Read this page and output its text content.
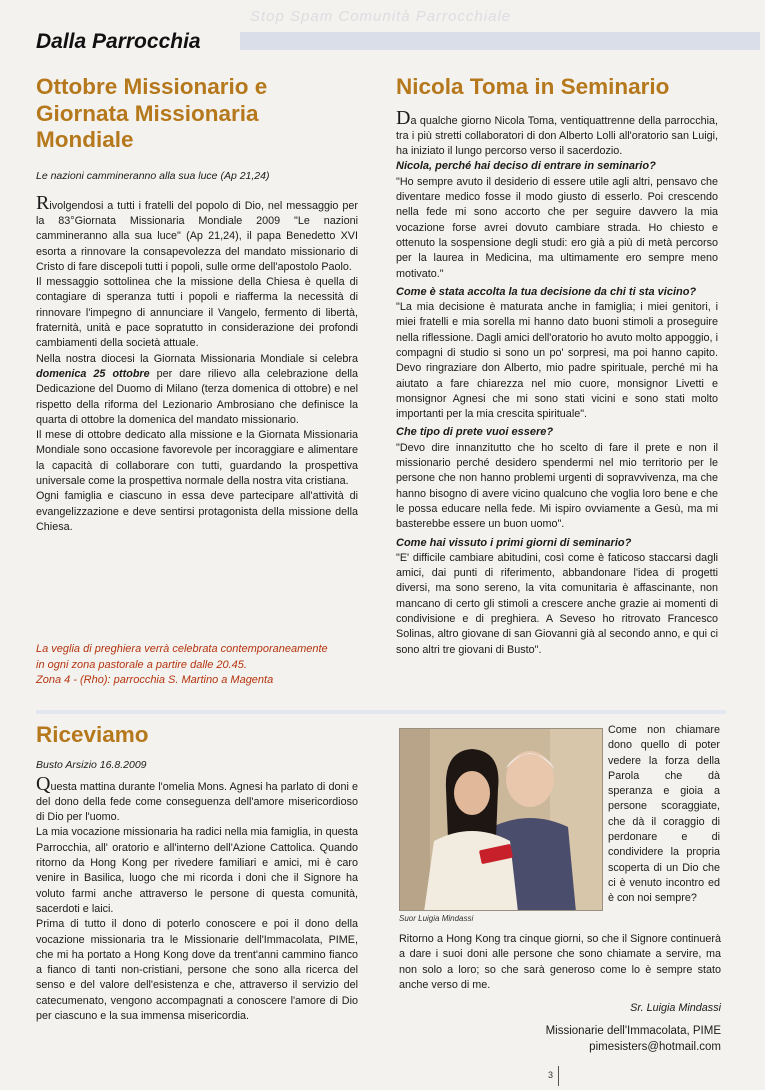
Stop Spam Comunità Parrocchiale
Dalla Parrocchia
Ottobre Missionario e
Giornata Missionaria
Mondiale
Le nazioni cammineranno alla sua luce (Ap 21,24)

Rivolgendosi a tutti i fratelli del popolo di Dio, nel messaggio per la 83°Giornata Missionaria Mondiale 2009 "Le nazioni cammineranno alla sua luce" (Ap 21,24), il papa Benedetto XVI esorta a rinnovare la consapevolezza del mandato missionario di Cristo di fare discepoli tutti i popoli, sulle orme dell'apostolo Paolo.

Il messaggio sottolinea che la missione della Chiesa è quella di contagiare di speranza tutti i popoli e riafferma la necessità di rinnovare l'impegno di annunciare il Vangelo, fermento di libertà, fraternità, unità e pace sopratutto in considerazione dei profondi cambiamenti della società attuale.

Nella nostra diocesi la Giornata Missionaria Mondiale si celebra domenica 25 ottobre per dare rilievo alla celebrazione della Dedicazione del Duomo di Milano (terza domenica di ottobre) e nel rispetto della riforma del Lezionario Ambrosiano che definisce la quarta di ottobre la domenica del mandato missionario.

Il mese di ottobre dedicato alla missione e la Giornata Missionaria Mondiale sono occasione favorevole per incoraggiare e alimentare la capacità di collaborare con tutti, guardando la prospettiva universale come la prospettiva normale della nostra vita cristiana.

Ogni famiglia e ciascuno in essa deve partecipare all'attività di evangelizzazione e deve sentirsi protagonista della missione della Chiesa.

La veglia di preghiera verrà celebrata contemporaneamente
in ogni zona pastorale a partire dalle 20.45.
Zona 4 - (Rho): parrocchia S. Martino a Magenta
Nicola Toma in Seminario

Da qualche giorno Nicola Toma, ventiquattrenne della parrocchia, tra i più stretti collaboratori di don Alberto Lolli all'oratorio san Luigi, ha iniziato il lungo percorso verso il sacerdozio.

Nicola, perché hai deciso di entrare in seminario?

"Ho sempre avuto il desiderio di essere utile agli altri, pensavo che diventare medico fosse il modo giusto di esserlo. Poi crescendo nella fede mi sono accorto che per seguire davvero la mia vocazione forse avrei dovuto cambiare strada. Ho chiesto e ottenuto la sospensione degli studi: ero già a più di metà percorso per la laurea in Medicina, ma ultimamente ero sempre meno motivato."

Come è stata accolta la tua decisione da chi ti sta vicino?

"La mia decisione è maturata anche in famiglia; i miei genitori, i miei fratelli e mia sorella mi hanno dato buoni stimoli a proseguire nella riflessione. Dagli amici dell'oratorio ho avuto molto appoggio, i compagni di studio si sono un po' sorpresi, ma poi hanno capito. Devo ringraziare don Alberto, mio padre spirituale, perché mi ha aiutato a fare chiarezza nel mio cuore, monsignor Livetti e monsignor Agnesi che mi sono stati vicini e sono stati molto importanti per la mia crescita spirituale".

Che tipo di prete vuoi essere?

"Devo dire innanzitutto che ho scelto di fare il prete e non il missionario perché desidero spendermi nel mio territorio per le persone che non hanno problemi urgenti di sopravvivenza, ma che hanno bisogno di avere vicino qualcuno che voglia loro bene e che le possa educare nella fede. Mi ispiro ovviamente a Gesù, ma mi basterebbe essere un buon uomo".

Come hai vissuto i primi giorni di seminario?

"E' difficile cambiare abitudini, così come è faticoso staccarsi dagli amici, dai punti di riferimento, abbandonare l'idea di progetti diversi, ma sono sereno, la vita comunitaria è affascinante, non mancano di certo gli stimoli a crescere anche grazie ai momenti di condivisione e di preghiera. A Seveso ho ritrovato Francesco Solinas, altro giovane di san Giovanni già al secondo anno, e qui ci sono altri tre giovani di Busto".

Riceviamo
Busto Arsizio 16.8.2009

Questa mattina durante l'omelia Mons. Agnesi ha parlato di doni e del dono della fede come conseguenza dell'amore misericordioso di Dio per l'uomo.

La mia vocazione missionaria ha radici nella mia famiglia, in questa Parrocchia, all' oratorio e all'interno dell'Azione Cattolica. Quando ritorno da Hong Kong per rivedere familiari e amici, mi è caro venire in Basilica, luogo che mi ricorda i doni che il Signore ha voluto farmi anche attraverso le persone di questa comunità, sacerdoti e laici.

Prima di tutto il dono di poterlo conoscere e poi il dono della vocazione missionaria tra le Missionarie dell'Immacolata, PIME, che mi ha portato a Hong Kong dove da trent'anni cammino fianco a fianco di tanti non-cristiani, persone che sono alla ricerca del senso e del valore dell'esistenza e che, attraverso il servizio del catecumenato, vengono accompagnati a conoscere l'amore di Dio per ciascuno e la sua immensa misericordia.

Suor Luigia Mindassi

Come non chiamare dono quello di poter vedere la forza della Parola che dà speranza e gioia a persone scoraggiate, che dà il coraggio di perdonare e di condividere la propria scoperta di un Dio che ci è venuto incontro ed è con noi sempre?

Ritorno a Hong Kong tra cinque giorni, so che il Signore continuerà a dare i suoi doni alle persone che sono chiamate a servire, ma non solo a loro; so che sarà generoso come lo è sempre stato anche verso di me.

Sr. Luigia Mindassi
Missionarie dell'Immacolata, PIME
pimesisters@hotmail.com
3
